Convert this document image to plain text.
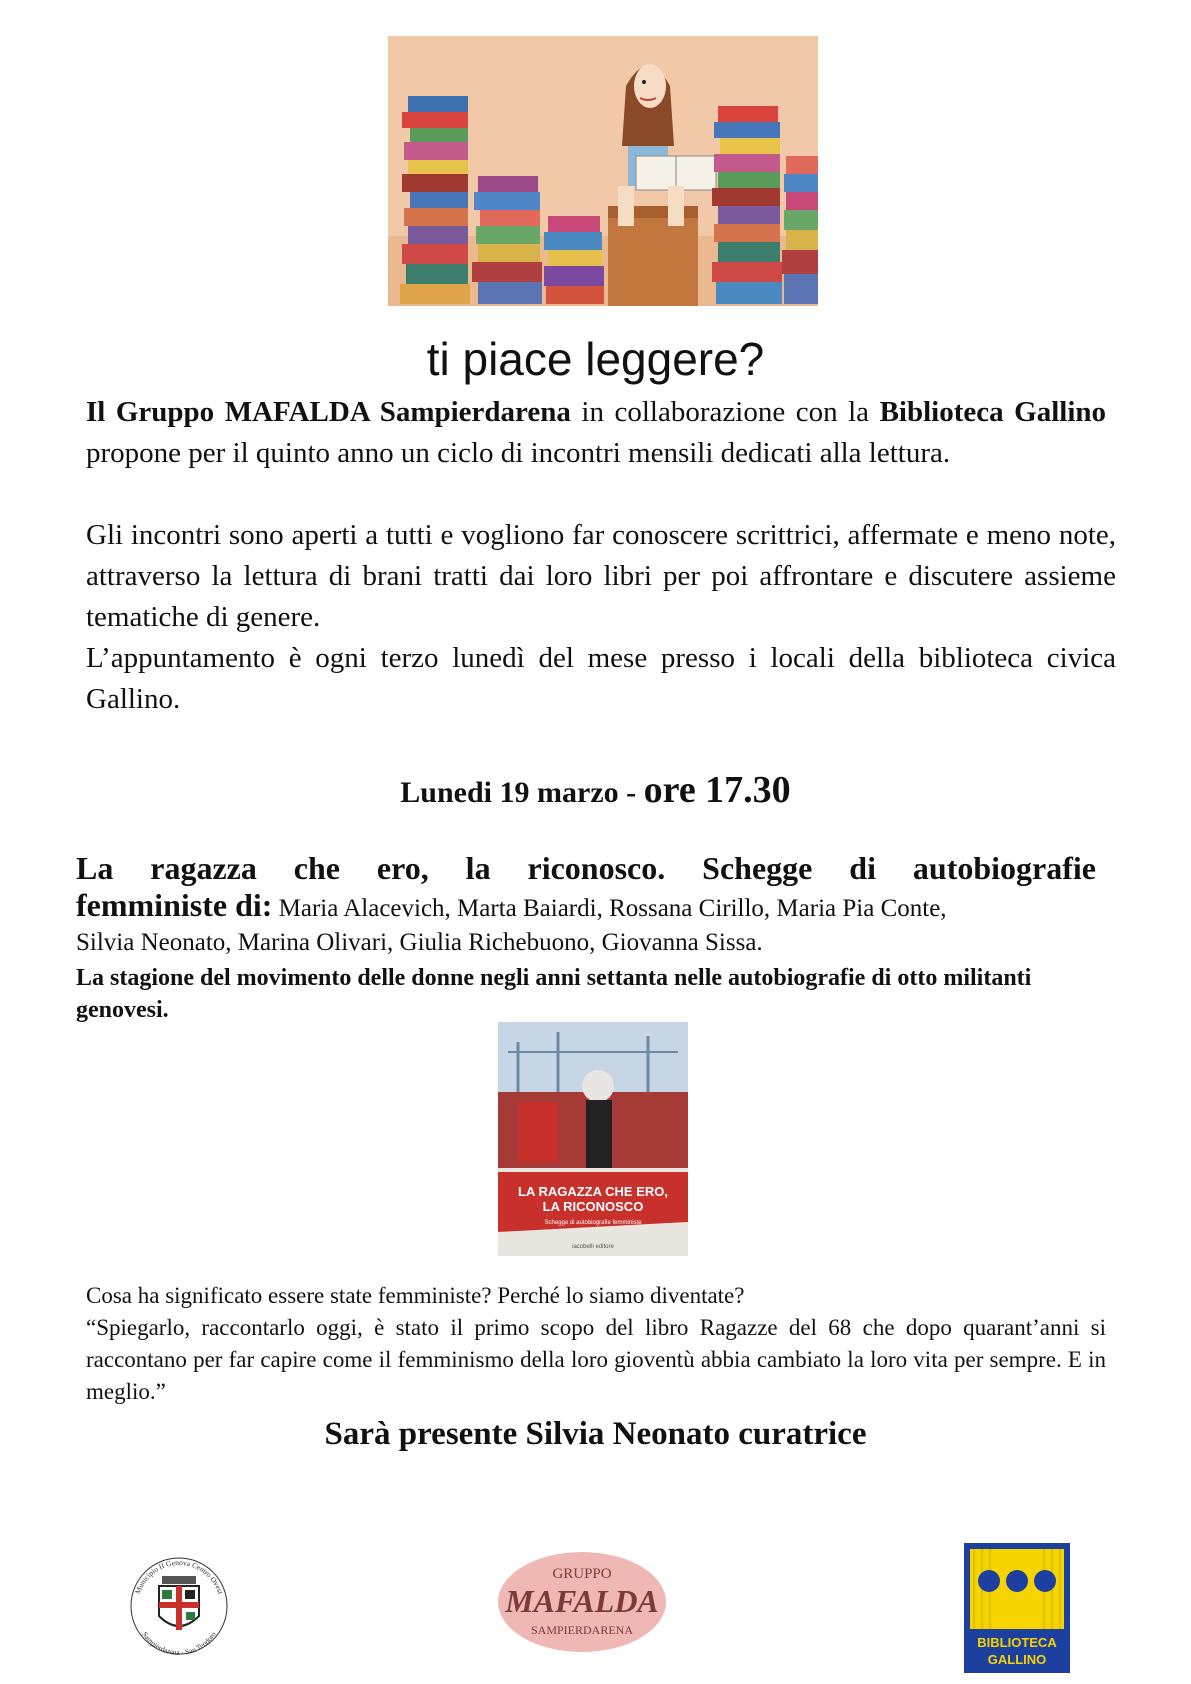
ti piace leggere?

Il Gruppo MAFALDA Sampierdarena in collaborazione con la Biblioteca Gallino propone per il quinto anno un ciclo di incontri mensili dedicati alla lettura.

Gli incontri sono aperti a tutti e vogliono far conoscere scrittrici, affermate e meno note, attraverso la lettura di brani tratti dai loro libri per poi affrontare e discutere assieme tematiche di genere.

L’appuntamento è ogni terzo lunedì del mese presso i locali della biblioteca civica Gallino.

Lunedi 19 marzo - ore 17.30

La ragazza che ero, la riconosco. Schegge di autobiografie

femministe di: Maria Alacevich, Marta Baiardi, Rossana Cirillo, Maria Pia Conte,

Silvia Neonato, Marina Olivari, Giulia Richebuono, Giovanna Sissa.

La stagione del movimento delle donne negli anni settanta nelle autobiografie di otto militanti genovesi.

LA RAGAZZA CHE ERO,
LA RICONOSCO
Schegge di autobiografie femministe
iacobelli editore

Cosa ha significato essere state femministe? Perché lo siamo diventate?

“Spiegarlo, raccontarlo oggi, è stato il primo scopo del libro Ragazze del 68 che dopo quarant’anni si raccontano per far capire come il femminismo della loro gioventù abbia cambiato la loro vita per sempre. E in meglio.”

Sarà presente Silvia Neonato curatrice
Municipio II Genova Centro Ovest
Sampierdarena · San Teodoro
GRUPPO
MAFALDA
SAMPIERDARENA
BIBLIOTECA
GALLINO
